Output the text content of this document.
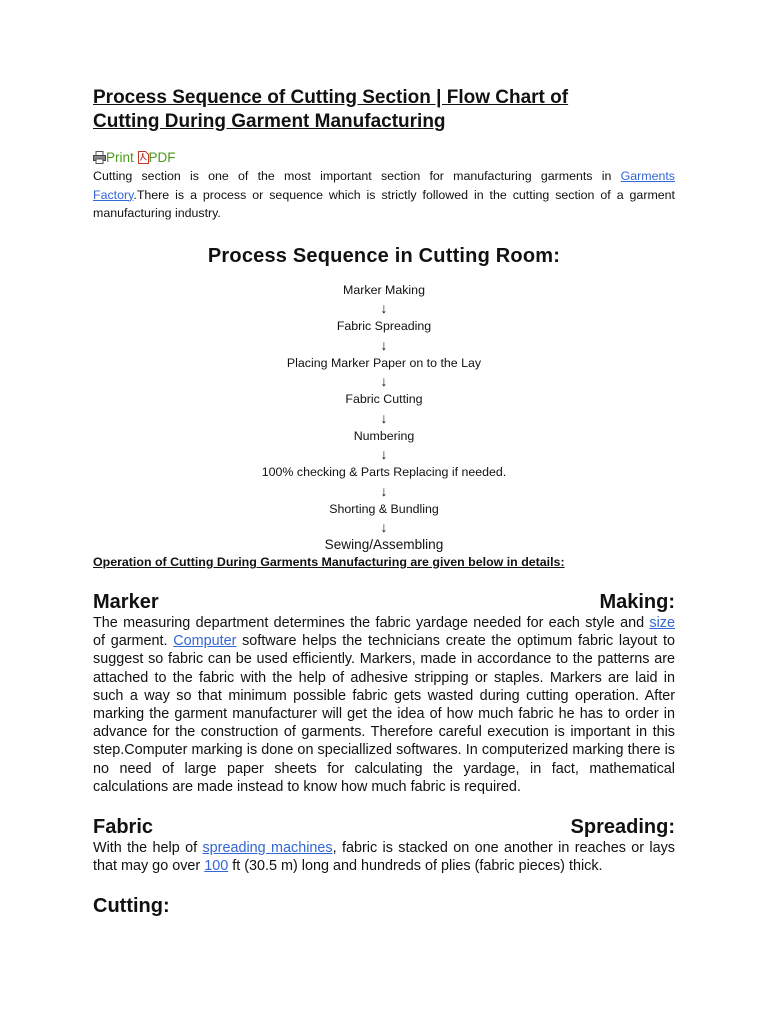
Process Sequence of Cutting Section | Flow Chart of
Cutting During Garment Manufacturing
Print PDF

Cutting section is one of the most important section for manufacturing garments in Garments Factory.There is a process or sequence which is strictly followed in the cutting section of a garment manufacturing industry.

Process Sequence in Cutting Room:
Marker Making
↓
Fabric Spreading
↓
Placing Marker Paper on to the Lay
↓
Fabric Cutting
↓
Numbering
↓
100% checking & Parts Replacing if needed.
↓
Shorting & Bundling
↓
Sewing/Assembling

Operation of Cutting During Garments Manufacturing are given below in details:

Marker	Making:

The measuring department determines the fabric yardage needed for each style and size of garment. Computer software helps the technicians create the optimum fabric layout to suggest so fabric can be used efficiently. Markers, made in accordance to the patterns are attached to the fabric with the help of adhesive stripping or staples. Markers are laid in such a way so that minimum possible fabric gets wasted during cutting operation. After marking the garment manufacturer will get the idea of how much fabric he has to order in advance for the construction of garments. Therefore careful execution is important in this step.Computer marking is done on speciallized softwares. In computerized marking there is no need of large paper sheets for calculating the yardage, in fact, mathematical calculations are made instead to know how much fabric is required.

Fabric	Spreading:

With the help of spreading machines, fabric is stacked on one another in reaches or lays that may go over 100 ft (30.5 m) long and hundreds of plies (fabric pieces) thick.

Cutting:
